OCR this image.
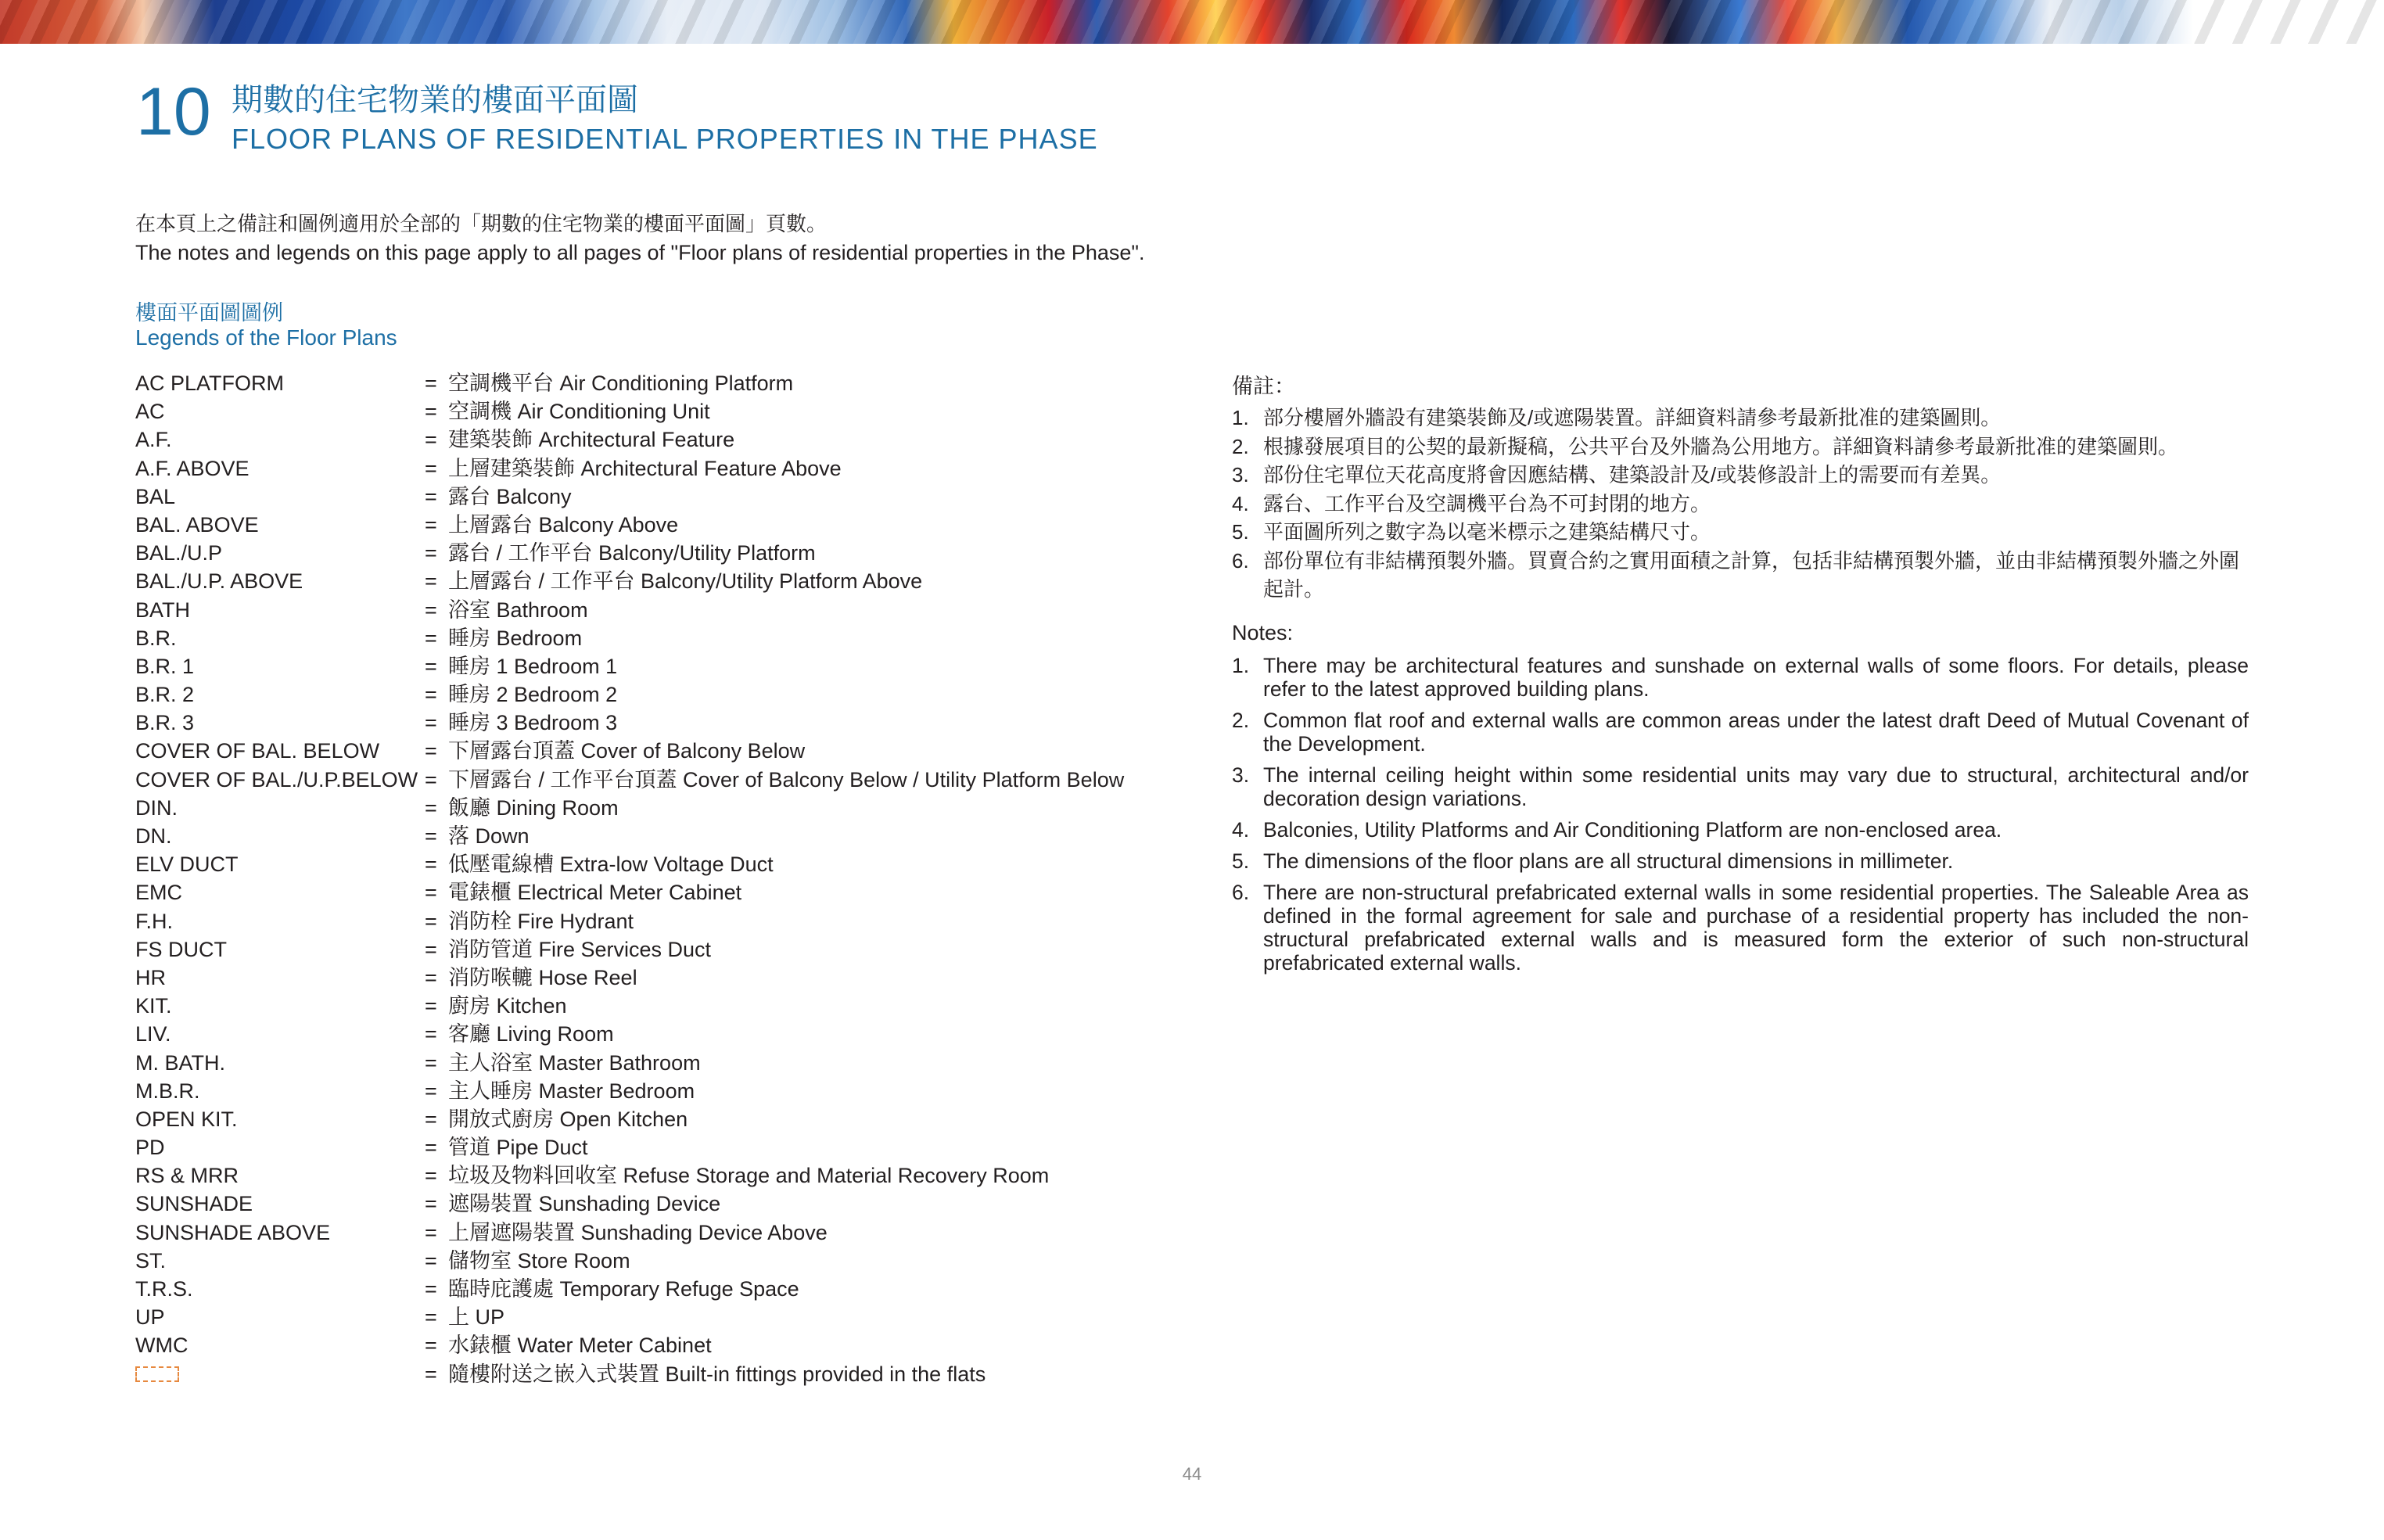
10 期數的住宅物業的樓面平面圖
FLOOR PLANS OF RESIDENTIAL PROPERTIES IN THE PHASE
在本頁上之備註和圖例適用於全部的「期數的住宅物業的樓面平面圖」頁數。
The notes and legends on this page apply to all pages of "Floor plans of residential properties in the Phase".
樓面平面圖圖例
Legends of the Floor Plans
AC PLATFORM	= 空調機平台 Air Conditioning Platform
AC	= 空調機 Air Conditioning Unit
A.F.	= 建築裝飾 Architectural Feature
A.F. ABOVE	= 上層建築裝飾 Architectural Feature Above
BAL	= 露台 Balcony
BAL. ABOVE	= 上層露台 Balcony Above
BAL./U.P	= 露台 / 工作平台 Balcony/Utility Platform
BAL./U.P. ABOVE	= 上層露台 / 工作平台 Balcony/Utility Platform Above
BATH	= 浴室 Bathroom
B.R.	= 睡房 Bedroom
B.R. 1	= 睡房 1 Bedroom 1
B.R. 2	= 睡房 2 Bedroom 2
B.R. 3	= 睡房 3 Bedroom 3
COVER OF BAL. BELOW	= 下層露台頂蓋 Cover of Balcony Below
COVER OF BAL./U.P.BELOW = 下層露台 / 工作平台頂蓋 Cover of Balcony Below / Utility Platform Below
DIN.	= 飯廳 Dining Room
DN.	= 落 Down
ELV DUCT	= 低壓電線槽 Extra-low Voltage Duct
EMC	= 電錶櫃 Electrical Meter Cabinet
F.H.	= 消防栓 Fire Hydrant
FS DUCT	= 消防管道 Fire Services Duct
HR	= 消防喉轆 Hose Reel
KIT.	= 廚房 Kitchen
LIV.	= 客廳 Living Room
M. BATH.	= 主人浴室 Master Bathroom
M.B.R.	= 主人睡房 Master Bedroom
OPEN KIT.	= 開放式廚房 Open Kitchen
PD	= 管道 Pipe Duct
RS & MRR	= 垃圾及物料回收室 Refuse Storage and Material Recovery Room
SUNSHADE	= 遮陽裝置 Sunshading Device
SUNSHADE ABOVE	= 上層遮陽裝置 Sunshading Device Above
ST.	= 儲物室 Store Room
T.R.S.	= 臨時庇護處 Temporary Refuge Space
UP	= 上 UP
WMC	= 水錶櫃 Water Meter Cabinet
= 隨樓附送之嵌入式裝置 Built-in fittings provided in the flats
備註：
1. 部分樓層外牆設有建築裝飾及/或遮陽裝置。詳細資料請參考最新批准的建築圖則。
2. 根據發展項目的公契的最新擬稿，公共平台及外牆為公用地方。詳細資料請參考最新批准的建築圖則。
3. 部份住宅單位天花高度將會因應結構、建築設計及/或裝修設計上的需要而有差異。
4. 露台、工作平台及空調機平台為不可封閉的地方。
5. 平面圖所列之數字為以毫米標示之建築結構尺寸。
6. 部份單位有非結構預製外牆。買賣合約之實用面積之計算，包括非結構預製外牆，並由非結構預製外牆之外圍起計。
Notes:
1. There may be architectural features and sunshade on external walls of some floors. For details, please refer to the latest approved building plans.
2. Common flat roof and external walls are common areas under the latest draft Deed of Mutual Covenant of the Development.
3. The internal ceiling height within some residential units may vary due to structural, architectural and/or decoration design variations.
4. Balconies, Utility Platforms and Air Conditioning Platform are non-enclosed area.
5. The dimensions of the floor plans are all structural dimensions in millimeter.
6. There are non-structural prefabricated external walls in some residential properties. The Saleable Area as defined in the formal agreement for sale and purchase of a residential property has included the non-structural prefabricated external walls and is measured form the exterior of such non-structural prefabricated external walls.
44
